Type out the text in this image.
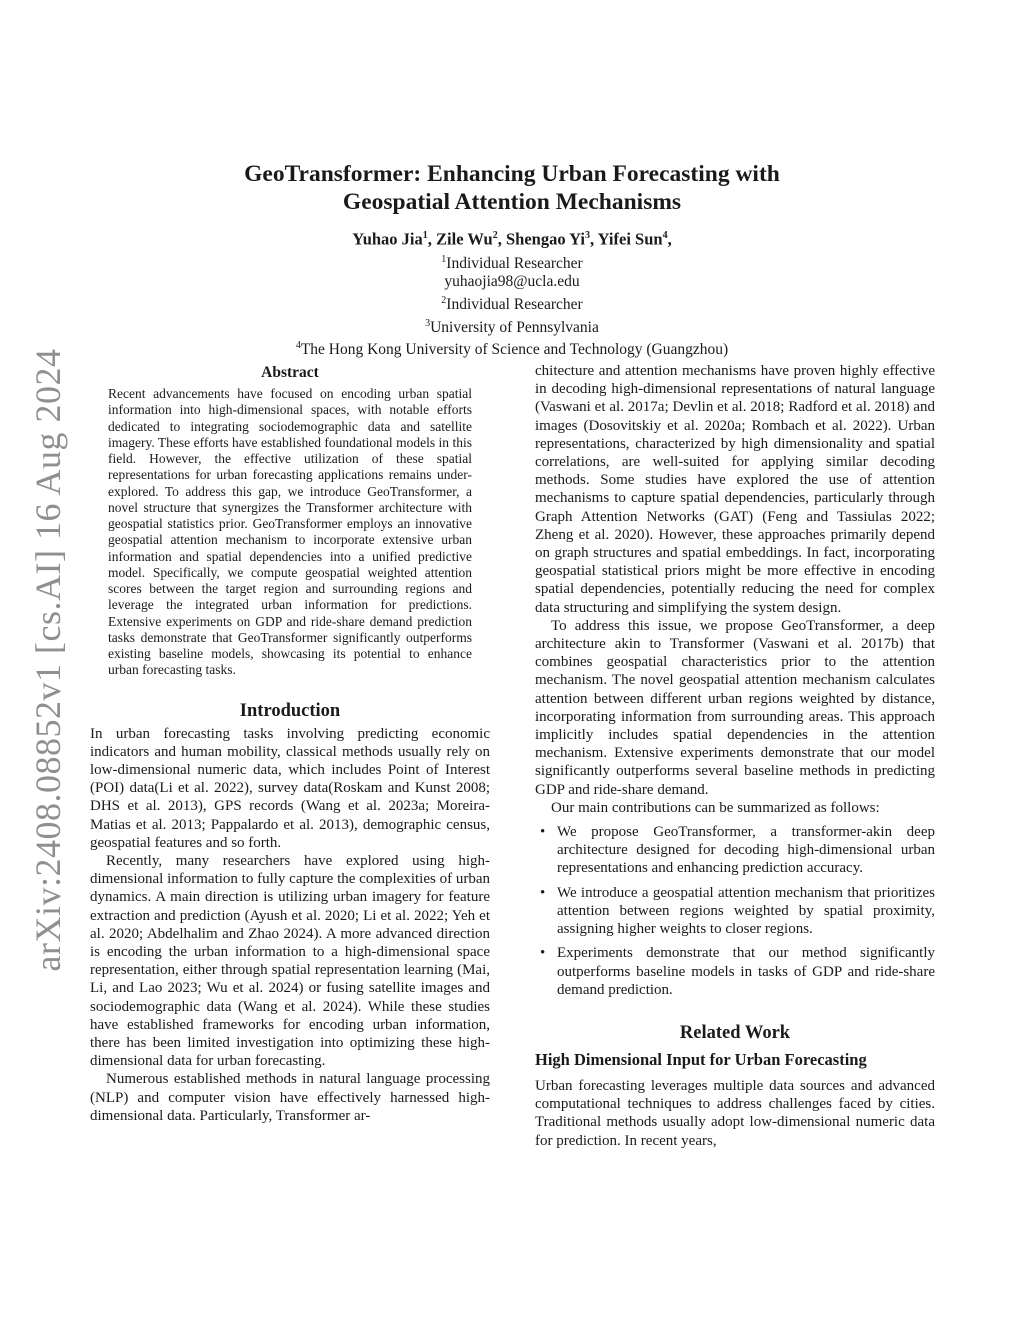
arXiv:2408.08852v1 [cs.AI] 16 Aug 2024
GeoTransformer: Enhancing Urban Forecasting with
Geospatial Attention Mechanisms
Yuhao Jia$^1$, Zile Wu$^2$, Shengao Yi$^3$, Yifei Sun$^4$,
$^1$Individual Researcher
yuhaojia98@ucla.edu
$^2$Individual Researcher
$^3$University of Pennsylvania
$^4$The Hong Kong University of Science and Technology (Guangzhou)
Abstract
Recent advancements have focused on encoding urban spatial information into high-dimensional spaces, with notable efforts dedicated to integrating sociodemographic data and satellite imagery. These efforts have established foundational models in this field. However, the effective utilization of these spatial representations for urban forecasting applications remains under-explored. To address this gap, we introduce GeoTransformer, a novel structure that synergizes the Transformer architecture with geospatial statistics prior. GeoTransformer employs an innovative geospatial attention mechanism to incorporate extensive urban information and spatial dependencies into a unified predictive model. Specifically, we compute geospatial weighted attention scores between the target region and surrounding regions and leverage the integrated urban information for predictions. Extensive experiments on GDP and ride-share demand prediction tasks demonstrate that GeoTransformer significantly outperforms existing baseline models, showcasing its potential to enhance urban forecasting tasks.
Introduction

In urban forecasting tasks involving predicting economic indicators and human mobility, classical methods usually rely on low-dimensional numeric data, which includes Point of Interest (POI) data(Li et al. 2022), survey data(Roskam and Kunst 2008; DHS et al. 2013), GPS records (Wang et al. 2023a; Moreira-Matias et al. 2013; Pappalardo et al. 2013), demographic census, geospatial features and so forth.

Recently, many researchers have explored using high-dimensional information to fully capture the complexities of urban dynamics. A main direction is utilizing urban imagery for feature extraction and prediction (Ayush et al. 2020; Li et al. 2022; Yeh et al. 2020; Abdelhalim and Zhao 2024). A more advanced direction is encoding the urban information to a high-dimensional space representation, either through spatial representation learning (Mai, Li, and Lao 2023; Wu et al. 2024) or fusing satellite images and sociodemographic data (Wang et al. 2024). While these studies have established frameworks for encoding urban information, there has been limited investigation into optimizing these high-dimensional data for urban forecasting.

Numerous established methods in natural language processing (NLP) and computer vision have effectively harnessed high-dimensional data. Particularly, Transformer ar-

chitecture and attention mechanisms have proven highly effective in decoding high-dimensional representations of natural language (Vaswani et al. 2017a; Devlin et al. 2018; Radford et al. 2018) and images (Dosovitskiy et al. 2020a; Rombach et al. 2022). Urban representations, characterized by high dimensionality and spatial correlations, are well-suited for applying similar decoding methods. Some studies have explored the use of attention mechanisms to capture spatial dependencies, particularly through Graph Attention Networks (GAT) (Feng and Tassiulas 2022; Zheng et al. 2020). However, these approaches primarily depend on graph structures and spatial embeddings. In fact, incorporating geospatial statistical priors might be more effective in encoding spatial dependencies, potentially reducing the need for complex data structuring and simplifying the system design.

To address this issue, we propose GeoTransformer, a deep architecture akin to Transformer (Vaswani et al. 2017b) that combines geospatial characteristics prior to the attention mechanism. The novel geospatial attention mechanism calculates attention between different urban regions weighted by distance, incorporating information from surrounding areas. This approach implicitly includes spatial dependencies in the attention mechanism. Extensive experiments demonstrate that our model significantly outperforms several baseline methods in predicting GDP and ride-share demand.

Our main contributions can be summarized as follows:

• We propose GeoTransformer, a transformer-akin deep architecture designed for decoding high-dimensional urban representations and enhancing prediction accuracy.
• We introduce a geospatial attention mechanism that prioritizes attention between regions weighted by spatial proximity, assigning higher weights to closer regions.
• Experiments demonstrate that our method significantly outperforms baseline models in tasks of GDP and ride-share demand prediction.
Related Work
High Dimensional Input for Urban Forecasting

Urban forecasting leverages multiple data sources and advanced computational techniques to address challenges faced by cities. Traditional methods usually adopt low-dimensional numeric data for prediction. In recent years,
